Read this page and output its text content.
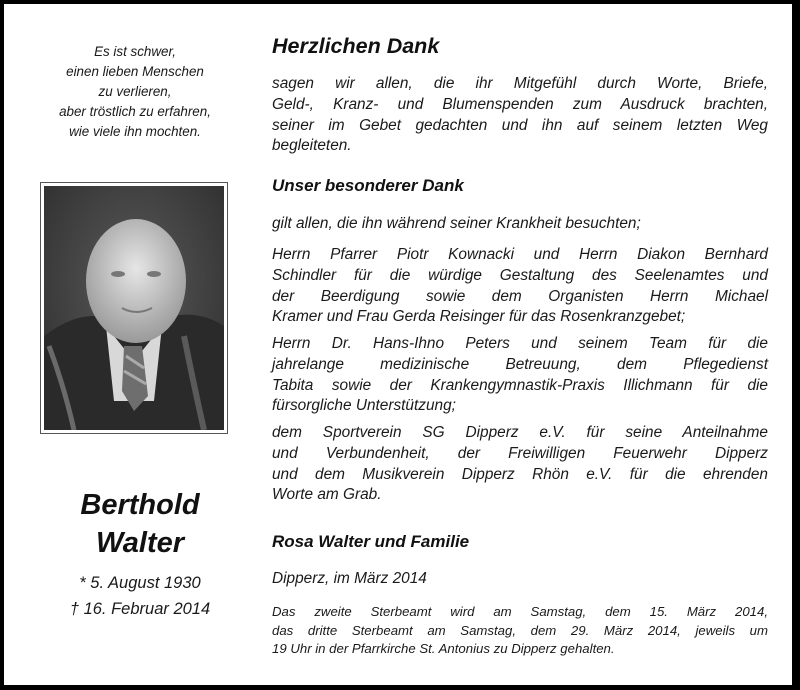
Es ist schwer,
einen lieben Menschen
zu verlieren,
aber tröstlich zu erfahren,
wie viele ihn mochten.
Berthold
Walter
* 5. August 1930
† 16. Februar 2014
Herzlichen Dank
sagen wir allen, die ihr Mitgefühl durch Worte, Briefe,
Geld-, Kranz- und Blumenspenden zum Ausdruck brachten,
seiner im Gebet gedachten und ihn auf seinem letzten Weg
begleiteten.
Unser besonderer Dank
gilt allen, die ihn während seiner Krankheit besuchten;
Herrn Pfarrer Piotr Kownacki und Herrn Diakon Bernhard
Schindler für die würdige Gestaltung des Seelenamtes und
der Beerdigung sowie dem Organisten Herrn Michael
Kramer und Frau Gerda Reisinger für das Rosenkranzgebet;
Herrn Dr. Hans-Ihno Peters und seinem Team für die
jahrelange medizinische Betreuung, dem Pflegedienst
Tabita sowie der Krankengymnastik-Praxis Illichmann für die
fürsorgliche Unterstützung;
dem Sportverein SG Dipperz e.V. für seine Anteilnahme
und Verbundenheit, der Freiwilligen Feuerwehr Dipperz
und dem Musikverein Dipperz Rhön e.V. für die ehrenden
Worte am Grab.
Rosa Walter und Familie
Dipperz, im März 2014
Das zweite Sterbeamt wird am Samstag, dem 15. März 2014,
das dritte Sterbeamt am Samstag, dem 29. März 2014, jeweils um
19 Uhr in der Pfarrkirche St. Antonius zu Dipperz gehalten.
